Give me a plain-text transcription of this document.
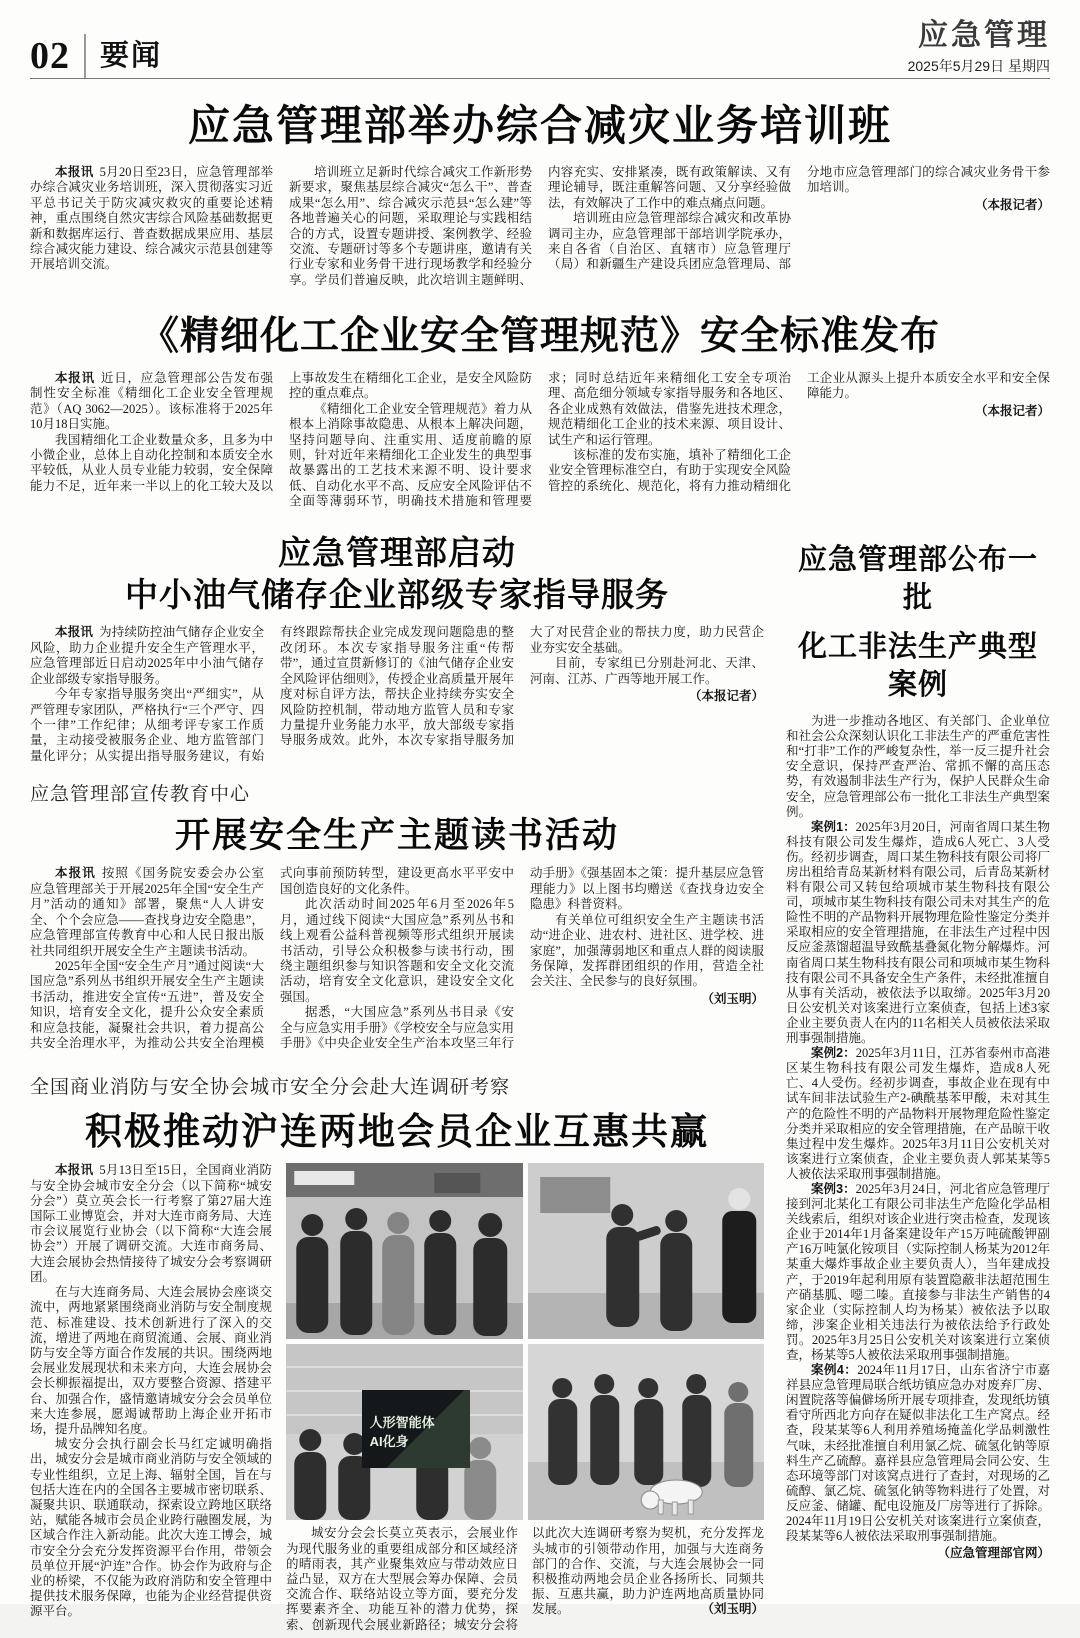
02 要闻
应急管理
2025年5月29日 星期四
应急管理部举办综合减灾业务培训班

本报讯 5月20日至23日，应急管理部举办综合减灾业务培训班，深入贯彻落实习近平总书记关于防灾减灾救灾的重要论述精神，重点围绕自然灾害综合风险基础数据更新和数据库运行、普查数据成果应用、基层综合减灾能力建设、综合减灾示范县创建等开展培训交流。

培训班立足新时代综合减灾工作新形势新要求，聚焦基层综合减灾“怎么干”、普查成果“怎么用”、综合减灾示范县“怎么建”等各地普遍关心的问题，采取理论与实践相结合的方式，设置专题讲授、案例教学、经验交流、专题研讨等多个专题讲座，邀请有关行业专家和业务骨干进行现场教学和经验分享。学员们普遍反映，此次培训主题鲜明、内容充实、安排紧凑，既有政策解读、又有理论辅导，既注重解答问题、又分享经验做法，有效解决了工作中的难点痛点问题。

培训班由应急管理部综合减灾和改革协调司主办，应急管理部干部培训学院承办，来自各省（自治区、直辖市）应急管理厅（局）和新疆生产建设兵团应急管理局、部分地市应急管理部门的综合减灾业务骨干参加培训。

（本报记者）
《精细化工企业安全管理规范》安全标准发布

本报讯 近日，应急管理部公告发布强制性安全标准《精细化工企业安全管理规范》（AQ 3062—2025）。该标准将于2025年10月18日实施。

我国精细化工企业数量众多，且多为中小微企业，总体上自动化控制和本质安全水平较低，从业人员专业能力较弱，安全保障能力不足，近年来一半以上的化工较大及以上事故发生在精细化工企业，是安全风险防控的重点难点。

《精细化工企业安全管理规范》着力从根本上消除事故隐患、从根本上解决问题，坚持问题导向、注重实用、适度前瞻的原则，针对近年来精细化工企业发生的典型事故暴露出的工艺技术来源不明、设计要求低、自动化水平不高、反应安全风险评估不全面等薄弱环节，明确技术措施和管理要求；同时总结近年来精细化工安全专项治理、高危细分领域专家指导服务和各地区、各企业成熟有效做法，借鉴先进技术理念，规范精细化工企业的技术来源、项目设计、试生产和运行管理。

该标准的发布实施，填补了精细化工企业安全管理标准空白，有助于实现安全风险管控的系统化、规范化，将有力推动精细化工企业从源头上提升本质安全水平和安全保障能力。

（本报记者）
应急管理部启动
中小油气储存企业部级专家指导服务

本报讯 为持续防控油气储存企业安全风险，助力企业提升安全生产管理水平，应急管理部近日启动2025年中小油气储存企业部级专家指导服务。

今年专家指导服务突出“严细实”，从严管理专家团队，严格执行“三个严守、四个一律”工作纪律；从细考评专家工作质量，主动接受被服务企业、地方监管部门量化评分；从实提出指导服务建议，有始有终跟踪帮扶企业完成发现问题隐患的整改闭环。本次专家指导服务注重“传帮带”，通过宣贯新修订的《油气储存企业安全风险评估细则》，传授企业高质量开展年度对标自评方法，帮扶企业持续夯实安全风险防控机制，带动地方监管人员和专家力量提升业务能力水平，放大部级专家指导服务成效。此外，本次专家指导服务加大了对民营企业的帮扶力度，助力民营企业夯实安全基础。

目前，专家组已分别赴河北、天津、河南、江苏、广西等地开展工作。

（本报记者）

应急管理部宣传教育中心

开展安全生产主题读书活动

本报讯 按照《国务院安委会办公室 应急管理部关于开展2025年全国“安全生产月”活动的通知》部署，聚焦“人人讲安全、个个会应急——查找身边安全隐患”，应急管理部宣传教育中心和人民日报出版社共同组织开展安全生产主题读书活动。

2025年全国“安全生产月”通过阅读“大国应急”系列丛书组织开展安全生产主题读书活动，推进安全宣传“五进”，普及安全知识，培育安全文化，提升公众安全素质和应急技能，凝聚社会共识，着力提高公共安全治理水平，为推动公共安全治理模式向事前预防转型，建设更高水平平安中国创造良好的文化条件。

此次活动时间2025年6月至2026年5月，通过线下阅读“大国应急”系列丛书和线上观看公益科普视频等形式组织开展读书活动，引导公众积极参与读书行动，围绕主题组织参与知识答题和安全文化交流活动，培育安全文化意识，建设安全文化强国。

据悉，“大国应急”系列丛书目录《安全与应急实用手册》《学校安全与应急实用手册》《中央企业安全生产治本攻坚三年行动手册》《强基固本之策：提升基层应急管理能力》以上图书均赠送《查找身边安全隐患》科普资料。

有关单位可组织安全生产主题读书活动“进企业、进农村、进社区、进学校、进家庭”，加强薄弱地区和重点人群的阅读服务保障，发挥群团组织的作用，营造全社会关注、全民参与的良好氛围。

（刘玉明）

全国商业消防与安全协会城市安全分会赴大连调研考察

积极推动沪连两地会员企业互惠共赢

本报讯 5月13日至15日，全国商业消防与安全协会城市安全分会（以下简称“城安分会”）莫立英会长一行考察了第27届大连国际工业博览会，并对大连市商务局、大连市会议展览行业协会（以下简称“大连会展协会”）开展了调研交流。大连市商务局、大连会展协会热情接待了城安分会考察调研团。

在与大连商务局、大连会展协会座谈交流中，两地紧紧围绕商业消防与安全制度规范、标准建设、技术创新进行了深入的交流，增进了两地在商贸流通、会展、商业消防与安全等方面合作发展的共识。围绕两地会展业发展现状和未来方向，大连会展协会会长柳振福提出，双方要整合资源、搭建平台、加强合作，盛情邀请城安分会会员单位来大连参展，愿竭诚帮助上海企业开拓市场，提升品牌知名度。

城安分会执行副会长马红定诚明确指出，城安分会是城市商业消防与安全领域的专业性组织，立足上海、辐射全国，旨在与包括大连在内的全国各主要城市密切联系、凝聚共识、联通联动，探索设立跨地区联络站，赋能各城市会员企业跨行融圈发展，为区域合作注入新动能。此次大连工博会，城市安全分会充分发挥资源平台作用，带领会员单位开展“沪连”合作。协会作为政府与企业的桥梁，不仅能为政府消防和安全管理中提供技术服务保障，也能为企业经营提供资源平台。

人形智能体
AI化身

城安分会会长莫立英表示，会展业作为现代服务业的重要组成部分和区域经济的晴雨表，其产业聚集效应与带动效应日益凸显，双方在大型展会筹办保障、会员交流合作、联络站设立等方面，要充分发挥要素齐全、功能互补的潜力优势，探索、创新现代会展业新路径；城安分会将以此次大连调研考察为契机，充分发挥龙头城市的引领带动作用，加强与大连商务部门的合作、交流，与大连会展协会一同积极推动两地会员企业各扬所长、同频共振、互惠共赢，助力沪连两地高质量协同发展。	（刘玉明）

应急管理部公布一批
化工非法生产典型案例

为进一步推动各地区、有关部门、企业单位和社会公众深刻认识化工非法生产的严重危害性和“打非”工作的严峻复杂性，举一反三提升社会安全意识，保持严查严治、常抓不懈的高压态势，有效遏制非法生产行为，保护人民群众生命安全，应急管理部公布一批化工非法生产典型案例。

案例1：2025年3月20日，河南省周口某生物科技有限公司发生爆炸，造成6人死亡、3人受伤。经初步调查，周口某生物科技有限公司将厂房出租给青岛某新材料有限公司，后青岛某新材料有限公司又转包给项城市某生物科技有限公司，项城市某生物科技有限公司未对其生产的危险性不明的产品物料开展物理危险性鉴定分类并采取相应的安全管理措施，在非法生产过程中因反应釜蒸馏超温导致酰基叠氮化物分解爆炸。河南省周口某生物科技有限公司和项城市某生物科技有限公司不具备安全生产条件，未经批准擅自从事有关活动，被依法予以取缔。2025年3月20日公安机关对该案进行立案侦查，包括上述3家企业主要负责人在内的11名相关人员被依法采取刑事强制措施。

案例2：2025年3月11日，江苏省泰州市高港区某生物科技有限公司发生爆炸，造成8人死亡、4人受伤。经初步调查，事故企业在现有中试车间非法试验生产2-碘酰基苯甲酸，未对其生产的危险性不明的产品物料开展物理危险性鉴定分类并采取相应的安全管理措施，在产品晾干收集过程中发生爆炸。2025年3月11日公安机关对该案进行立案侦查，企业主要负责人郭某某等5人被依法采取刑事强制措施。

案例3：2025年3月24日，河北省应急管理厅接到河北某化工有限公司非法生产危险化学品相关线索后，组织对该企业进行突击检查，发现该企业于2014年1月备案建设年产15万吨硫酸钾副产16万吨氯化铵项目（实际控制人杨某为2012年某重大爆炸事故企业主要负责人），当年建成投产，于2019年起利用原有装置隐蔽非法超范围生产硝基胍、噁二嗪。直接参与非法生产销售的4家企业（实际控制人均为杨某）被依法予以取缔，涉案企业相关违法行为被依法给予行政处罚。2025年3月25日公安机关对该案进行立案侦查，杨某等5人被依法采取刑事强制措施。

案例4：2024年11月17日，山东省济宁市嘉祥县应急管理局联合纸坊镇应急办对废弃厂房、闲置院落等偏僻场所开展专项排查，发现纸坊镇看守所西北方向存在疑似非法化工生产窝点。经查，段某某等6人利用养殖场掩盖化学品刺激性气味，未经批准擅自利用氯乙烷、硫氢化钠等原料生产乙硫醇。嘉祥县应急管理局会同公安、生态环境等部门对该窝点进行了查封，对现场的乙硫醇、氯乙烷、硫氢化钠等物料进行了处置，对反应釜、储罐、配电设施及厂房等进行了拆除。2024年11月19日公安机关对该案进行立案侦查，段某某等6人被依法采取刑事强制措施。

（应急管理部官网）
